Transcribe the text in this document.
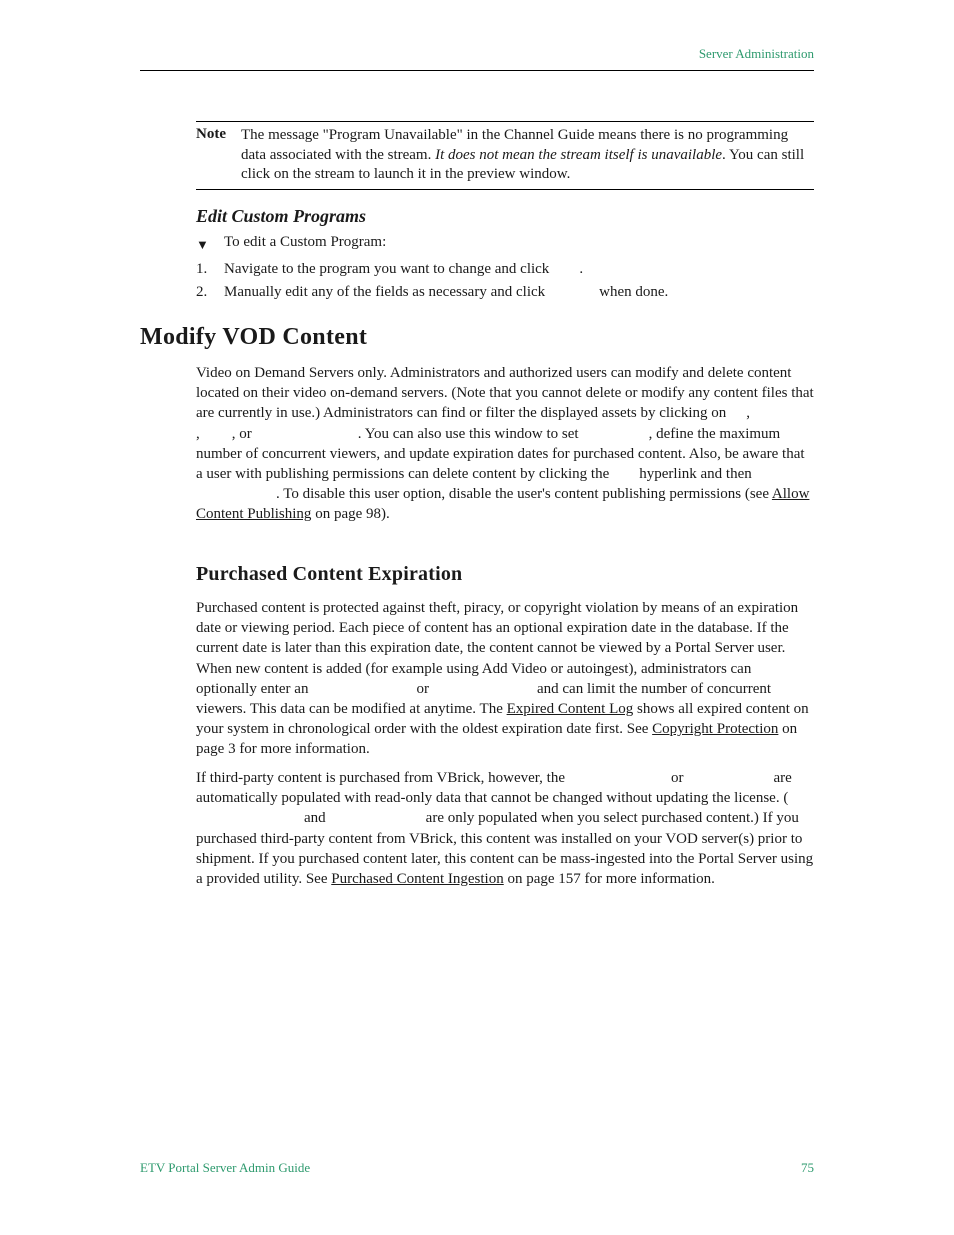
Server Administration
Note The message "Program Unavailable" in the Channel Guide means there is no programming data associated with the stream. It does not mean the stream itself is unavailable. You can still click on the stream to launch it in the preview window.
Edit Custom Programs
▼ To edit a Custom Program:
1. Navigate to the program you want to change and click .
2. Manually edit any of the fields as necessary and click	when done.
Modify VOD Content
Video on Demand Servers only. Administrators and authorized users can modify and delete content located on their video on-demand servers. (Note that you cannot delete or modify any content files that are currently in use.) Administrators can find or filter the displayed assets by clicking on ,, , or	. You can also use this window to set	, define the maximum number of concurrent viewers, and update expiration dates for purchased content. Also, be aware that a user with publishing permissions can delete content by clicking the hyperlink and then. To disable this user option, disable the user's content publishing permissions (see Allow Content Publishing on page 98).
Purchased Content Expiration
Purchased content is protected against theft, piracy, or copyright violation by means of an expiration date or viewing period. Each piece of content has an optional expiration date in the database. If the current date is later than this expiration date, the content cannot be viewed by a Portal Server user. When new content is added (for example using Add Video or autoingest), administrators can optionally enter an	or	and can limit the number of concurrent viewers. This data can be modified at anytime. The Expired Content Log shows all expired content on your system in chronological order with the oldest expiration date first. See Copyright Protection on page 3 for more information.
If third-party content is purchased from VBrick, however, the	or	are automatically populated with read-only data that cannot be changed without updating the license. (and	are only populated when you select purchased content.) If you purchased third-party content from VBrick, this content was installed on your VOD server(s) prior to shipment. If you purchased content later, this content can be mass-ingested into the Portal Server using a provided utility. See Purchased Content Ingestion on page 157 for more information.
ETV Portal Server Admin Guide	75
